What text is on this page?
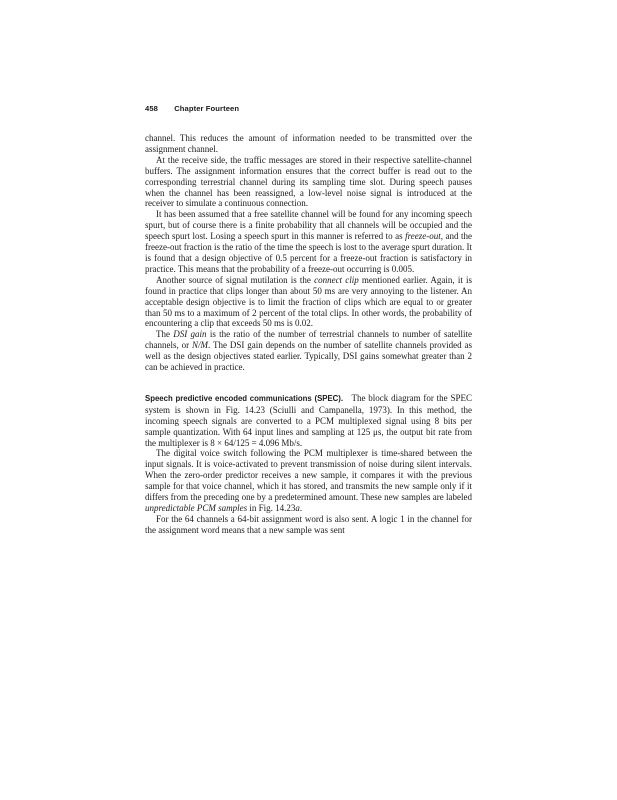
458 Chapter Fourteen

channel. This reduces the amount of information needed to be transmitted over the assignment channel.

At the receive side, the traffic messages are stored in their respective satellite-channel buffers. The assignment information ensures that the correct buffer is read out to the corresponding terrestrial channel during its sampling time slot. During speech pauses when the channel has been reassigned, a low-level noise signal is introduced at the receiver to simulate a continuous connection.

It has been assumed that a free satellite channel will be found for any incoming speech spurt, but of course there is a finite probability that all channels will be occupied and the speech spurt lost. Losing a speech spurt in this manner is referred to as freeze-out, and the freeze-out fraction is the ratio of the time the speech is lost to the average spurt duration. It is found that a design objective of 0.5 percent for a freeze-out fraction is satisfactory in practice. This means that the probability of a freeze-out occurring is 0.005.

Another source of signal mutilation is the connect clip mentioned earlier. Again, it is found in practice that clips longer than about 50 ms are very annoying to the listener. An acceptable design objective is to limit the fraction of clips which are equal to or greater than 50 ms to a maximum of 2 percent of the total clips. In other words, the probability of encountering a clip that exceeds 50 ms is 0.02.

The DSI gain is the ratio of the number of terrestrial channels to number of satellite channels, or N/M. The DSI gain depends on the number of satellite channels provided as well as the design objectives stated earlier. Typically, DSI gains somewhat greater than 2 can be achieved in practice.

Speech predictive encoded communications (SPEC). The block diagram for the SPEC system is shown in Fig. 14.23 (Sciulli and Campanella, 1973). In this method, the incoming speech signals are converted to a PCM multiplexed signal using 8 bits per sample quantization. With 64 input lines and sampling at 125 μs, the output bit rate from the multiplexer is 8 × 64/125 = 4.096 Mb/s.

The digital voice switch following the PCM multiplexer is time-shared between the input signals. It is voice-activated to prevent transmission of noise during silent intervals. When the zero-order predictor receives a new sample, it compares it with the previous sample for that voice channel, which it has stored, and transmits the new sample only if it differs from the preceding one by a predetermined amount. These new samples are labeled unpredictable PCM samples in Fig. 14.23a.

For the 64 channels a 64-bit assignment word is also sent. A logic 1 in the channel for the assignment word means that a new sample was sent
